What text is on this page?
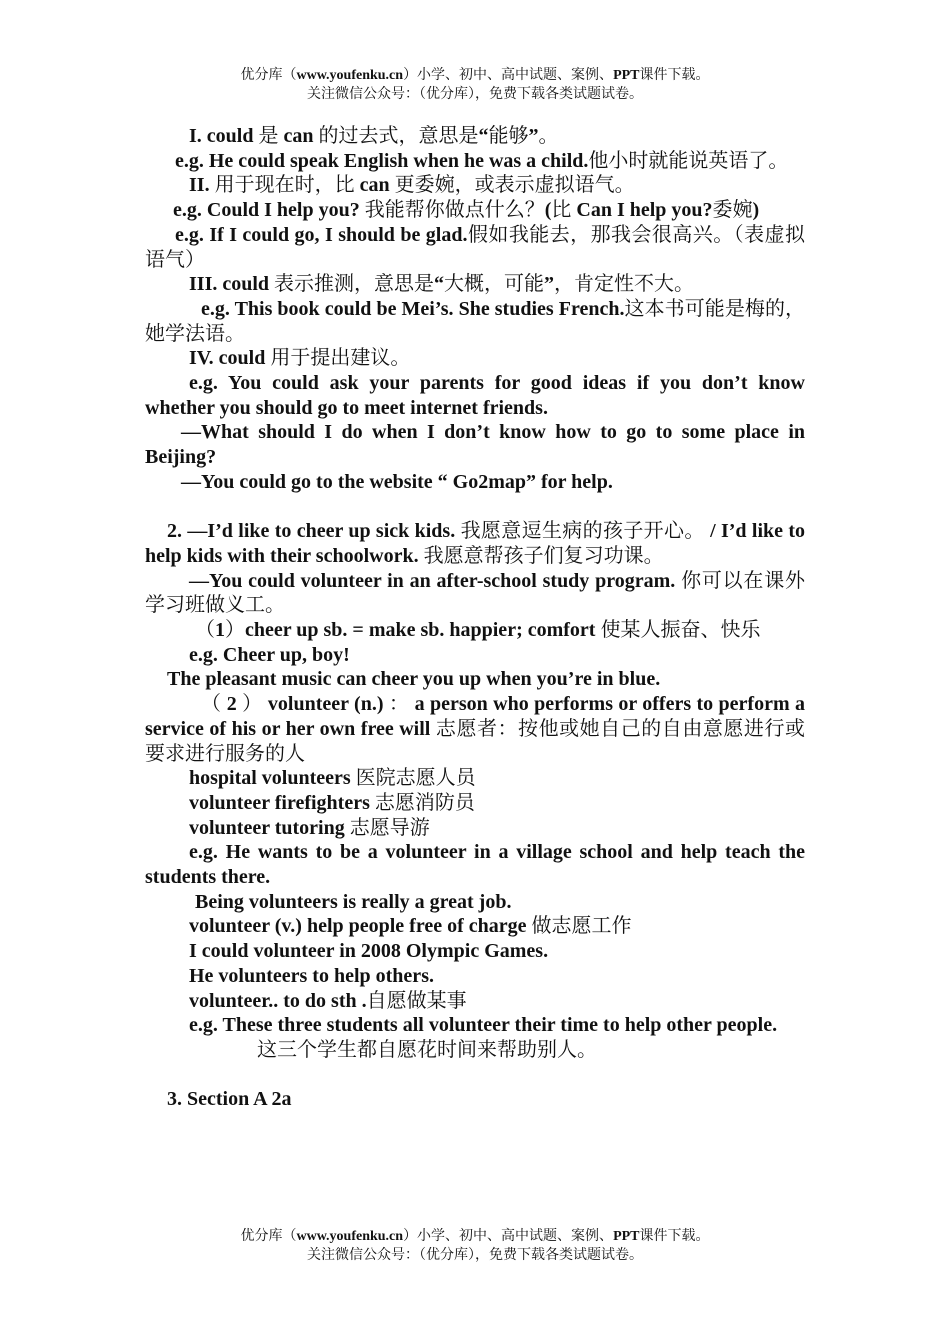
优分库（www.youfenku.cn）小学、初中、高中试题、案例、PPT课件下载。
关注微信公众号：（优分库），免费下载各类试题试卷。

I. could 是 can 的过去式，意思是“能够”。

e.g. He could speak English when he was a child.他小时就能说英语了。

II. 用于现在时，比 can 更委婉，或表示虚拟语气。

e.g. Could I help you? 我能帮你做点什么？(比 Can I help you?委婉)

e.g. If I could go, I should be glad.假如我能去，那我会很高兴。（表虚拟语气）

III. could 表示推测，意思是“大概，可能”，肯定性不大。

e.g. This book could be Mei’s. She studies French.这本书可能是梅的，她学法语。

IV. could 用于提出建议。

e.g. You could ask your parents for good ideas if you don’t know whether you should go to meet internet friends.

—What should I do when I don’t know how to go to some place in Beijing?

—You could go to the website “ Go2map” for help.

2. —I’d like to cheer up sick kids. 我愿意逗生病的孩子开心。 / I’d like to help kids with their schoolwork. 我愿意帮孩子们复习功课。

—You could volunteer in an after-school study program. 你可以在课外学习班做义工。

（1）cheer up sb. = make sb. happier; comfort 使某人振奋、快乐

e.g. Cheer up, boy!

The pleasant music can cheer you up when you’re in blue.

（ 2 ） volunteer (n.) ： a person who performs or offers to perform a service of his or her own free will 志愿者：按他或她自己的自由意愿进行或要求进行服务的人

hospital volunteers 医院志愿人员

volunteer firefighters 志愿消防员

volunteer tutoring 志愿导游

e.g. He wants to be a volunteer in a village school and help teach the students there.

Being volunteers is really a great job.

volunteer (v.) help people free of charge 做志愿工作

I could volunteer in 2008 Olympic Games.

He volunteers to help others.

volunteer.. to do sth .自愿做某事

e.g. These three students all volunteer their time to help other people.

这三个学生都自愿花时间来帮助别人。

3. Section A 2a

优分库（www.youfenku.cn）小学、初中、高中试题、案例、PPT课件下载。
关注微信公众号：（优分库），免费下载各类试题试卷。
